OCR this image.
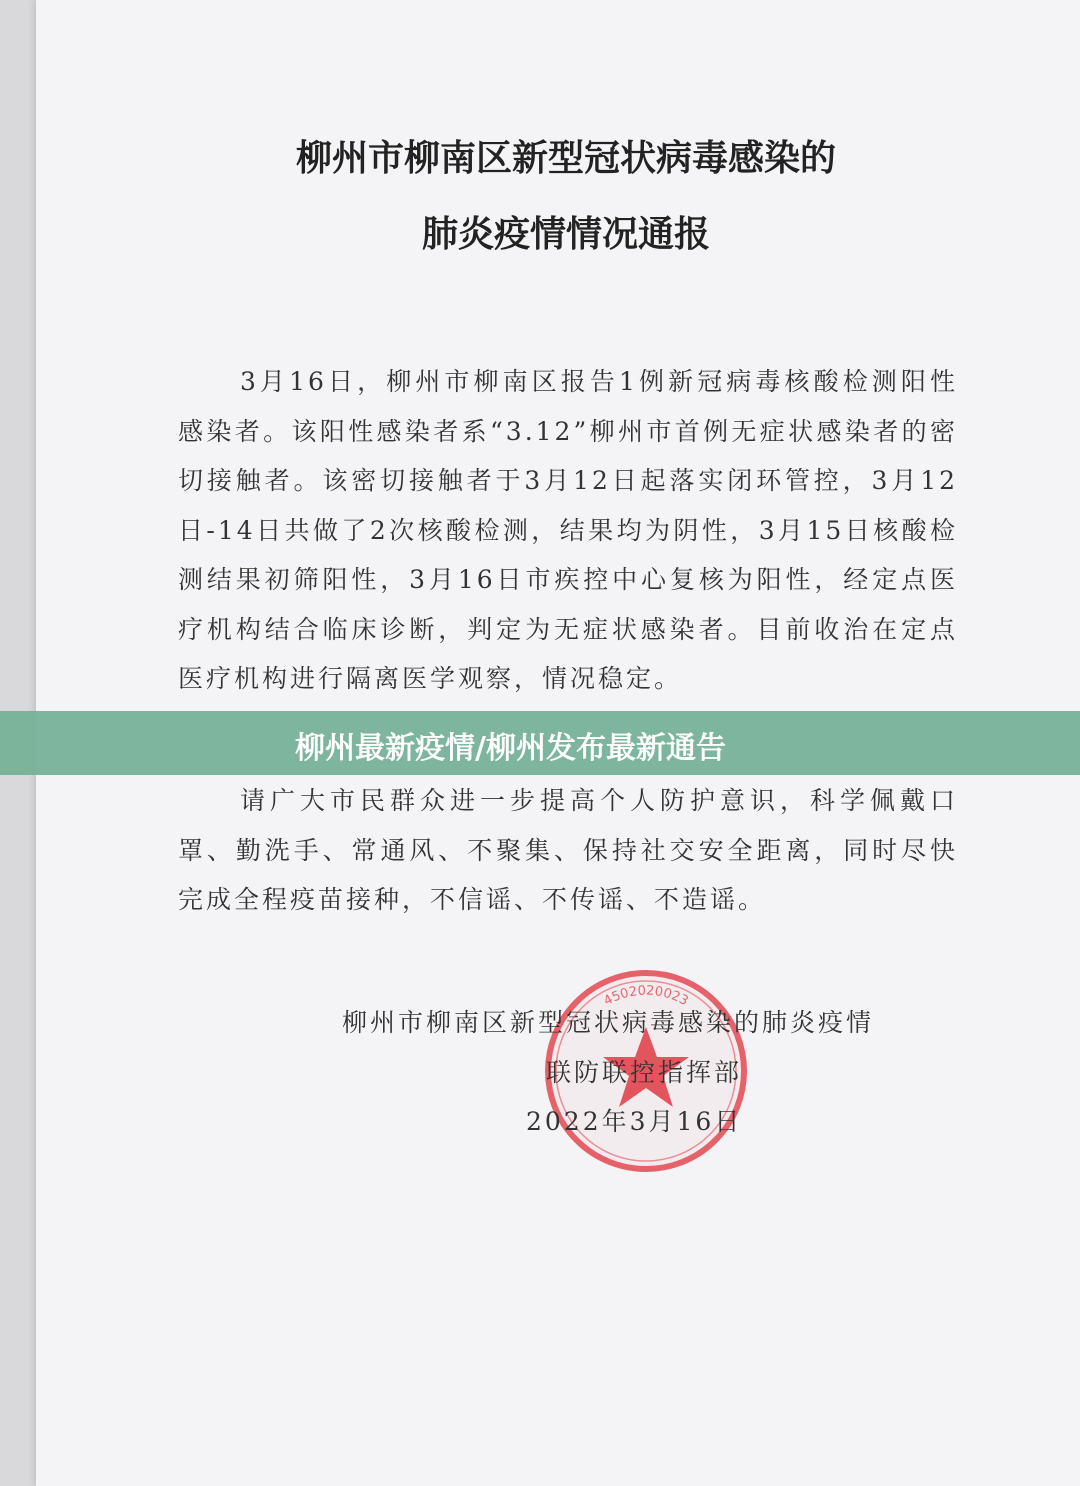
柳州市柳南区新型冠状病毒感染的
肺炎疫情情况通报
3月16日，柳州市柳南区报告1例新冠病毒核酸检测阳性感染者。该阳性感染者系“3.12”柳州市首例无症状感染者的密切接触者。该密切接触者于3月12日起落实闭环管控，3月12日-14日共做了2次核酸检测，结果均为阴性，3月15日核酸检测结果初筛阳性，3月16日市疾控中心复核为阳性，经定点医疗机构结合临床诊断，判定为无症状感染者。目前收治在定点医疗机构进行隔离医学观察，情况稳定。
请广大市民群众进一步提高个人防护意识，科学佩戴口罩、勤洗手、常通风、不聚集、保持社交安全距离，同时尽快完成全程疫苗接种，不信谣、不传谣、不造谣。
4502020023
柳州市柳南区新型冠状病毒感染的肺炎疫情
联防联控指挥部
2022年3月16日
柳州最新疫情/柳州发布最新通告
